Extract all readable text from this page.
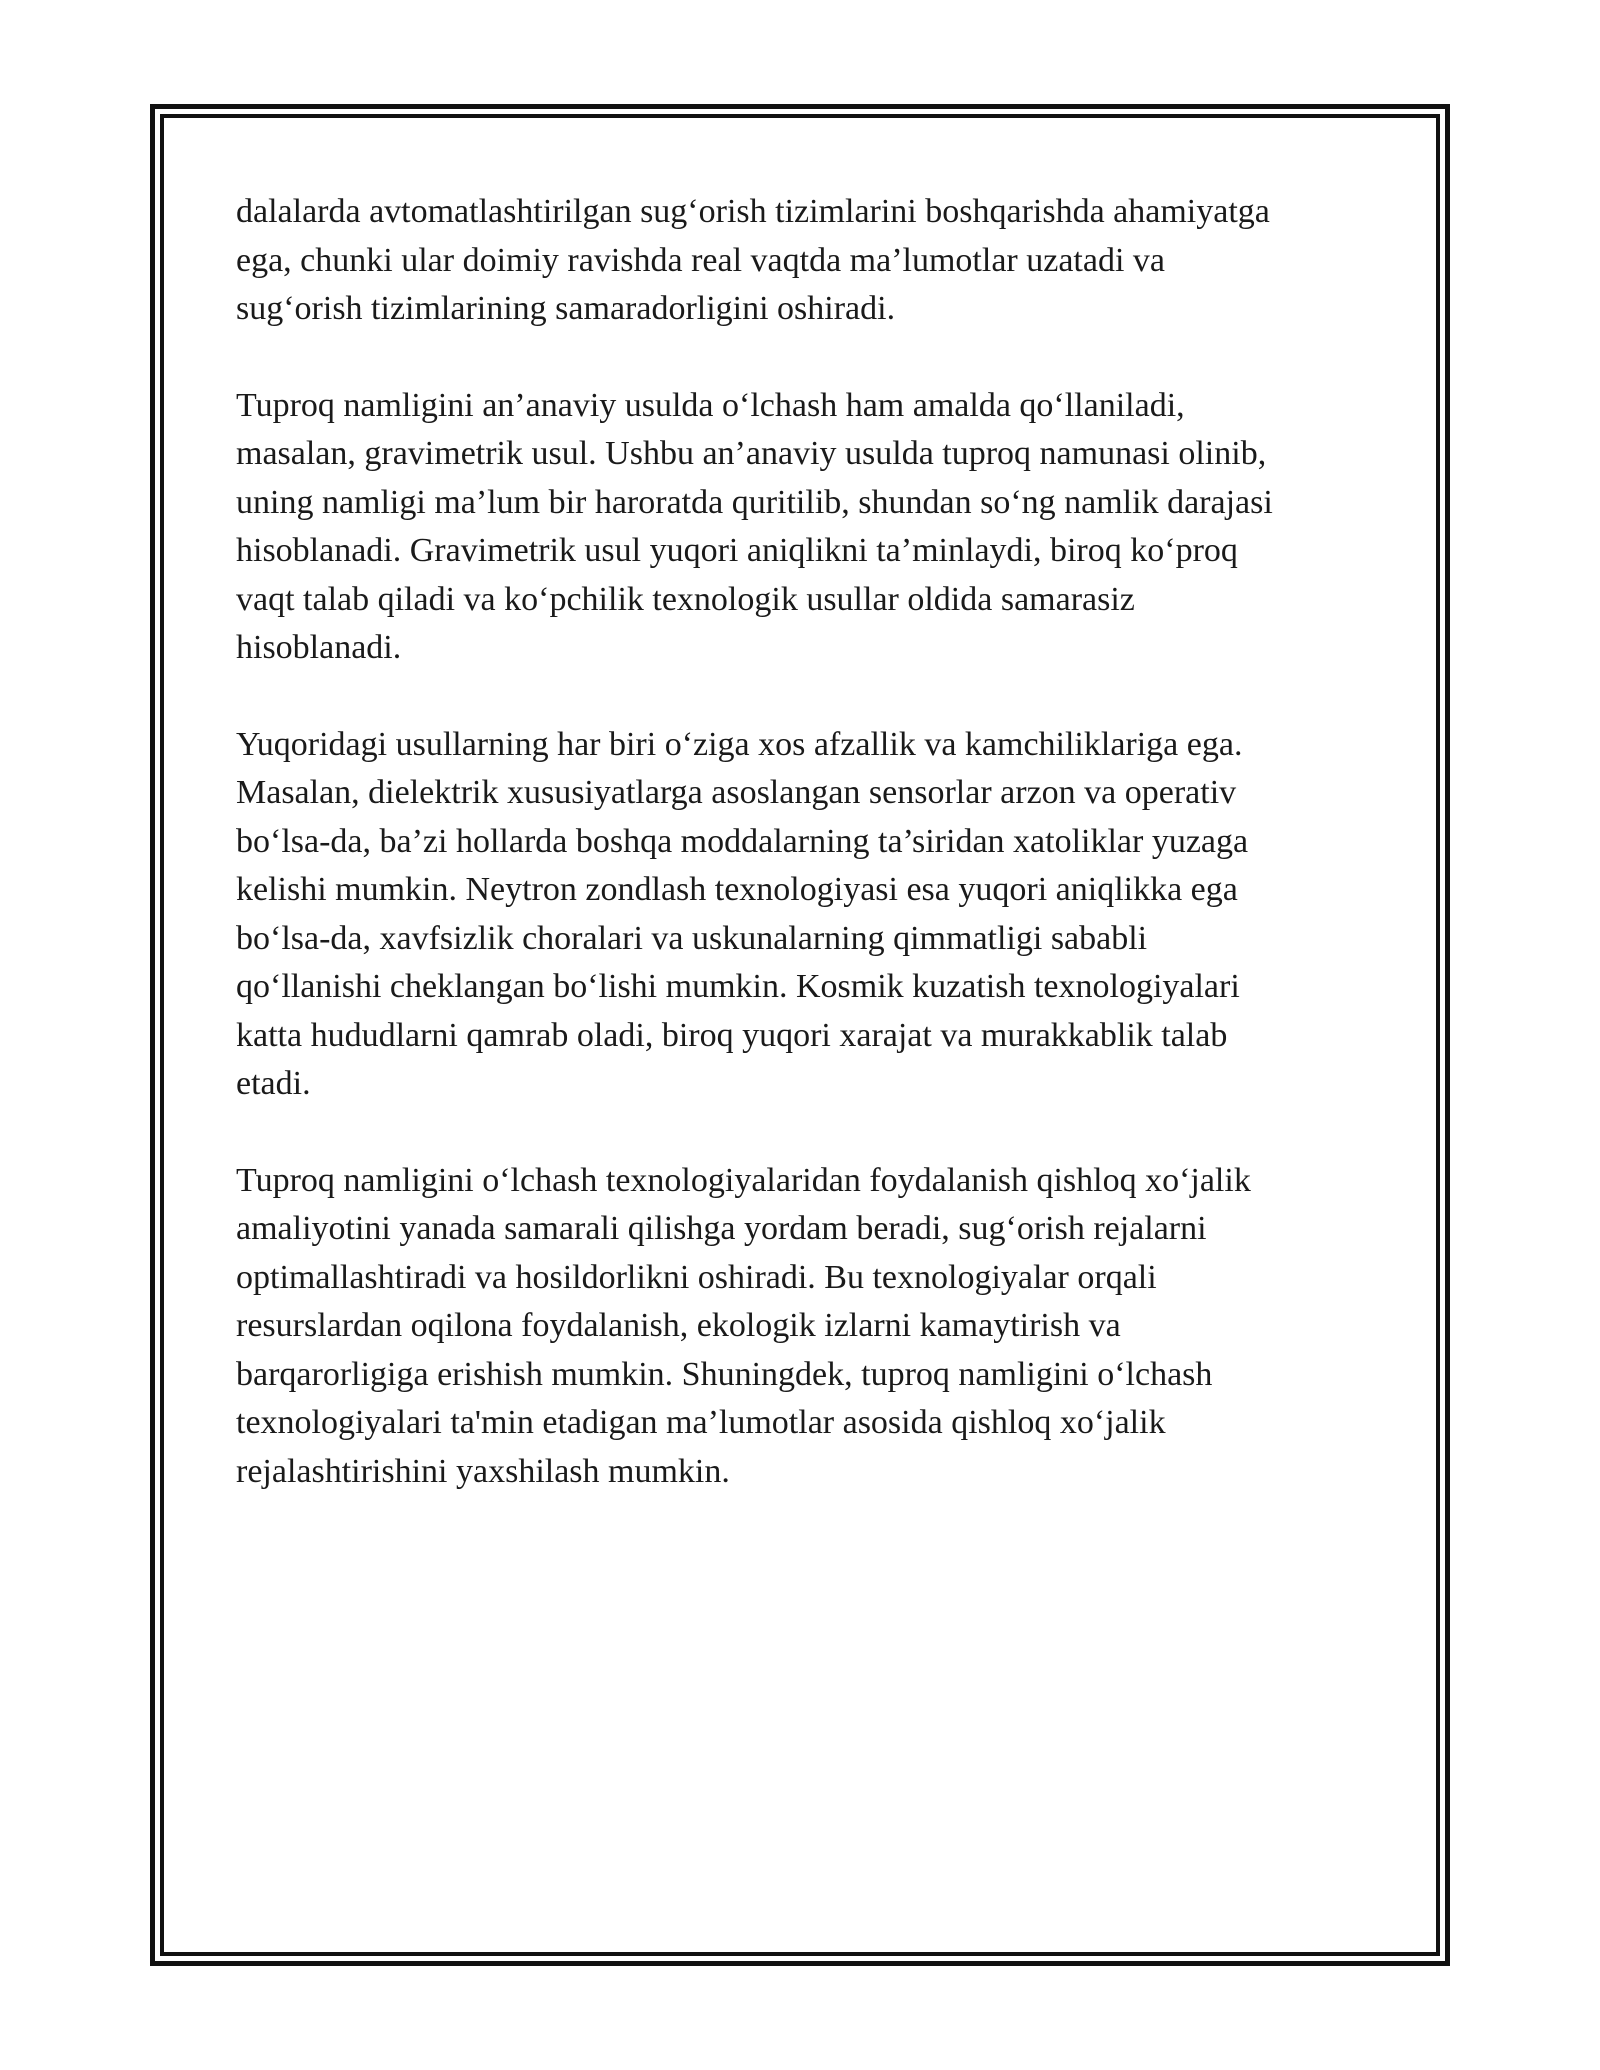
dalalarda avtomatlashtirilgan sug‘orish tizimlarini boshqarishda ahamiyatga
ega, chunki ular doimiy ravishda real vaqtda ma’lumotlar uzatadi va
sug‘orish tizimlarining samaradorligini oshiradi.

Tuproq namligini an’anaviy usulda o‘lchash ham amalda qo‘llaniladi,
masalan, gravimetrik usul. Ushbu an’anaviy usulda tuproq namunasi olinib,
uning namligi ma’lum bir haroratda quritilib, shundan so‘ng namlik darajasi
hisoblanadi. Gravimetrik usul yuqori aniqlikni ta’minlaydi, biroq ko‘proq
vaqt talab qiladi va ko‘pchilik texnologik usullar oldida samarasiz
hisoblanadi.

Yuqoridagi usullarning har biri o‘ziga xos afzallik va kamchiliklariga ega.
Masalan, dielektrik xususiyatlarga asoslangan sensorlar arzon va operativ
bo‘lsa-da, ba’zi hollarda boshqa moddalarning ta’siridan xatoliklar yuzaga
kelishi mumkin. Neytron zondlash texnologiyasi esa yuqori aniqlikka ega
bo‘lsa-da, xavfsizlik choralari va uskunalarning qimmatligi sababli
qo‘llanishi cheklangan bo‘lishi mumkin. Kosmik kuzatish texnologiyalari
katta hududlarni qamrab oladi, biroq yuqori xarajat va murakkablik talab
etadi.

Tuproq namligini o‘lchash texnologiyalaridan foydalanish qishloq xo‘jalik
amaliyotini yanada samarali qilishga yordam beradi, sug‘orish rejalarni
optimallashtiradi va hosildorlikni oshiradi. Bu texnologiyalar orqali
resurslardan oqilona foydalanish, ekologik izlarni kamaytirish va
barqarorligiga erishish mumkin. Shuningdek, tuproq namligini o‘lchash
texnologiyalari ta'min etadigan ma’lumotlar asosida qishloq xo‘jalik
rejalashtirishini yaxshilash mumkin.
